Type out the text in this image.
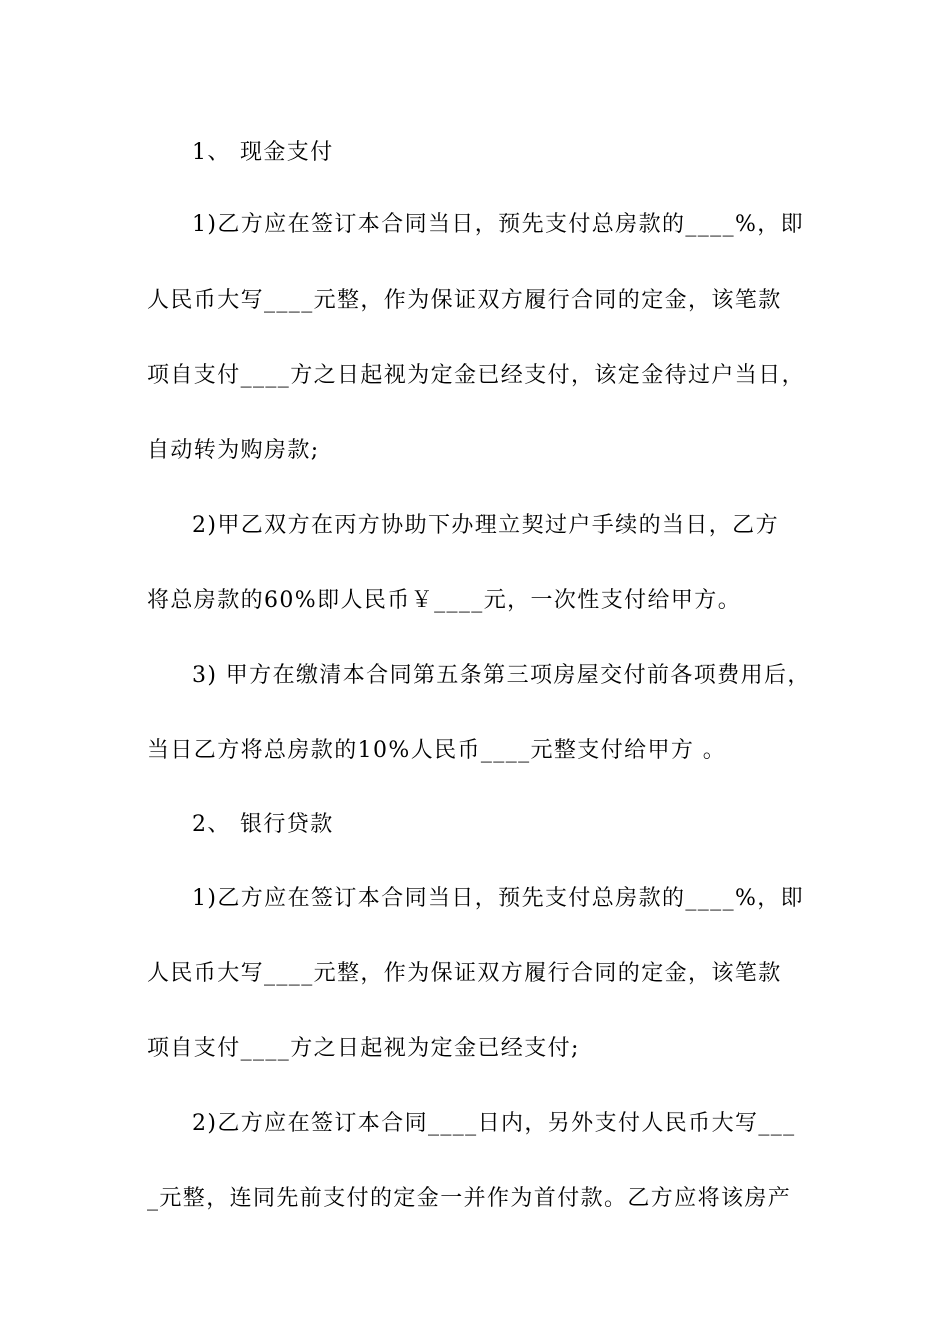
1、 现金支付
1)乙方应在签订本合同当日，预先支付总房款的____%，即
人民币大写____元整，作为保证双方履行合同的定金，该笔款
项自支付____方之日起视为定金已经支付，该定金待过户当日，
自动转为购房款;
2)甲乙双方在丙方协助下办理立契过户手续的当日，乙方
将总房款的60%即人民币￥____元，一次性支付给甲方。
3) 甲方在缴清本合同第五条第三项房屋交付前各项费用后，
当日乙方将总房款的10%人民币____元整支付给甲方 。
2、 银行贷款
1)乙方应在签订本合同当日，预先支付总房款的____%，即
人民币大写____元整，作为保证双方履行合同的定金，该笔款
项自支付____方之日起视为定金已经支付;
2)乙方应在签订本合同____日内，另外支付人民币大写___
_元整，连同先前支付的定金一并作为首付款。乙方应将该房产
